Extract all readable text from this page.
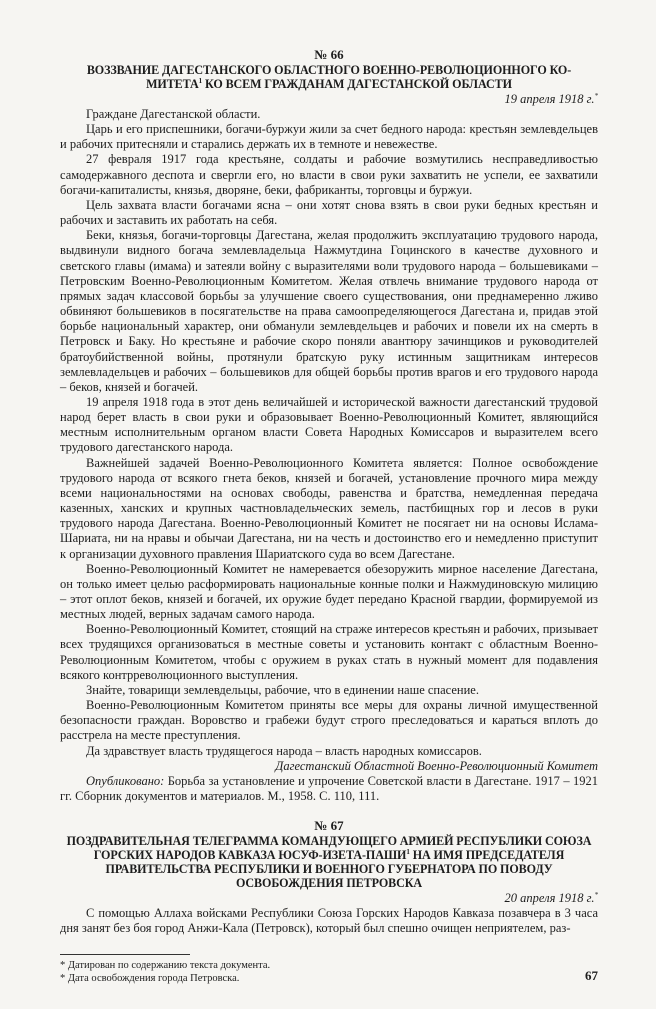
№ 66
ВОЗЗВАНИЕ ДАГЕСТАНСКОГО ОБЛАСТНОГО ВОЕННО-РЕВОЛЮЦИОННОГО КО-МИТЕТА$^1$ КО ВСЕМ ГРАЖДАНАМ ДАГЕСТАНСКОЙ ОБЛАСТИ
19 апреля 1918 г.*

Граждане Дагестанской области.

Царь и его приспешники, богачи-буржуи жили за счет бедного народа: крестьян землевдельцев и рабочих притесняли и старались держать их в темноте и невежестве.

27 февраля 1917 года крестьяне, солдаты и рабочие возмутились несправедливостью самодержавного деспота и свергли его, но власти в свои руки захватить не успели, ее захватили богачи-капиталисты, князья, дворяне, беки, фабриканты, торговцы и буржуи.

Цель захвата власти богачами ясна – они хотят снова взять в свои руки бедных крестьян и рабочих и заставить их работать на себя.

Беки, князья, богачи-торговцы Дагестана, желая продолжить эксплуатацию трудового народа, выдвинули видного богача землевладельца Нажмутдина Гоцинского в качестве духовного и светского главы (имама) и затеяли войну с выразителями воли трудового народа – большевиками – Петровским Военно-Революционным Комитетом. Желая отвлечь внимание трудового народа от прямых задач классовой борьбы за улучшение своего существования, они преднамеренно лживо обвиняют большевиков в посягательстве на права самоопределяющегося Дагестана и, придав этой борьбе национальный характер, они обманули землевдельцев и рабочих и повели их на смерть в Петровск и Баку. Но крестьяне и рабочие скоро поняли авантюру зачинщиков и руководителей братоубийственной войны, протянули братскую руку истинным защитникам интересов землевладельцев и рабочих – большевиков для общей борьбы против врагов и его трудового народа – беков, князей и богачей.

19 апреля 1918 года в этот день величайшей и исторической важности дагестанский трудовой народ берет власть в свои руки и образовывает Военно-Революционный Комитет, являющийся местным исполнительным органом власти Совета Народных Комиссаров и выразителем всего трудового дагестанского народа.

Важнейшей задачей Военно-Революционного Комитета является: Полное освобождение трудового народа от всякого гнета беков, князей и богачей, установление прочного мира между всеми национальностями на основах свободы, равенства и братства, немедленная передача казенных, ханских и крупных частновладельческих земель, пастбищных гор и лесов в руки трудового народа Дагестана. Военно-Революционный Комитет не посягает ни на основы Ислама-Шариата, ни на нравы и обычаи Дагестана, ни на честь и достоинство его и немедленно приступит к организации духовного правления Шариатского суда во всем Дагестане.

Военно-Революционный Комитет не намеревается обезоружить мирное население Дагестана, он только имеет целью расформировать национальные конные полки и Нажмудиновскую милицию – этот оплот беков, князей и богачей, их оружие будет передано Красной гвардии, формируемой из местных людей, верных задачам самого народа.

Военно-Революционный Комитет, стоящий на страже интересов крестьян и рабочих, призывает всех трудящихся организоваться в местные советы и установить контакт с областным Военно-Революционным Комитетом, чтобы с оружием в руках стать в нужный момент для подавления всякого контрреволюционного выступления.

Знайте, товарищи землевдельцы, рабочие, что в единении наше спасение.

Военно-Революционным Комитетом приняты все меры для охраны личной имущественной безопасности граждан. Воровство и грабежи будут строго преследоваться и караться вплоть до расстрела на месте преступления.

Да здравствует власть трудящегося народа – власть народных комиссаров.

Дагестанский Областной Военно-Революционный Комитет

Опубликовано: Борьба за установление и упрочение Советской власти в Дагестане. 1917 – 1921 гг. Сборник документов и материалов. М., 1958. С. 110, 111.

№ 67
ПОЗДРАВИТЕЛЬНАЯ ТЕЛЕГРАММА КОМАНДУЮЩЕГО АРМИЕЙ РЕСПУБЛИКИ СОЮЗА ГОРСКИХ НАРОДОВ КАВКАЗА ЮСУФ-ИЗЕТА-ПАШИ$^1$ НА ИМЯ ПРЕДСЕДАТЕЛЯ ПРАВИТЕЛЬСТВА РЕСПУБЛИКИ И ВОЕННОГО ГУБЕРНАТОРА ПО ПОВОДУ ОСВОБОЖДЕНИЯ ПЕТРОВСКА
20 апреля 1918 г.*

С помощью Аллаха войсками Республики Союза Горских Народов Кавказа позавчера в 3 часа дня занят без боя город Анжи-Кала (Петровск), который был спешно очищен неприятелем, раз-

* Датирован по содержанию текста документа.
* Дата освобождения города Петровска.	67
